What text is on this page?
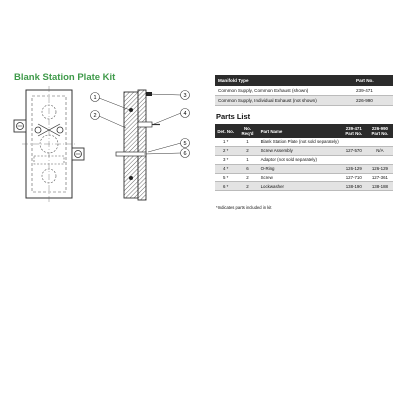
Blank Station Plate Kit
1
2
3
4
5
6
Manifold Type	Part No.
Common Supply, Common Exhaust (shown)	239-471
Common Supply, Individual Exhaust (not shown)	226-990
Parts List
Det. No.	No. Req'd	Part Name	239-471 Part No.	226-990 Part No.
1 *	1	Blank Station Plate (not sold separately)		
2 *	2	Screw Assembly	127-570	N/A
3 *	1	Adaptor (not sold separately)		
4 *	6	O-Ring	126-129	126-129
5 *	2	Screw	127-710	127-361
6 *	2	Lockwasher	138-190	138-188
*Indicates parts included in kit
